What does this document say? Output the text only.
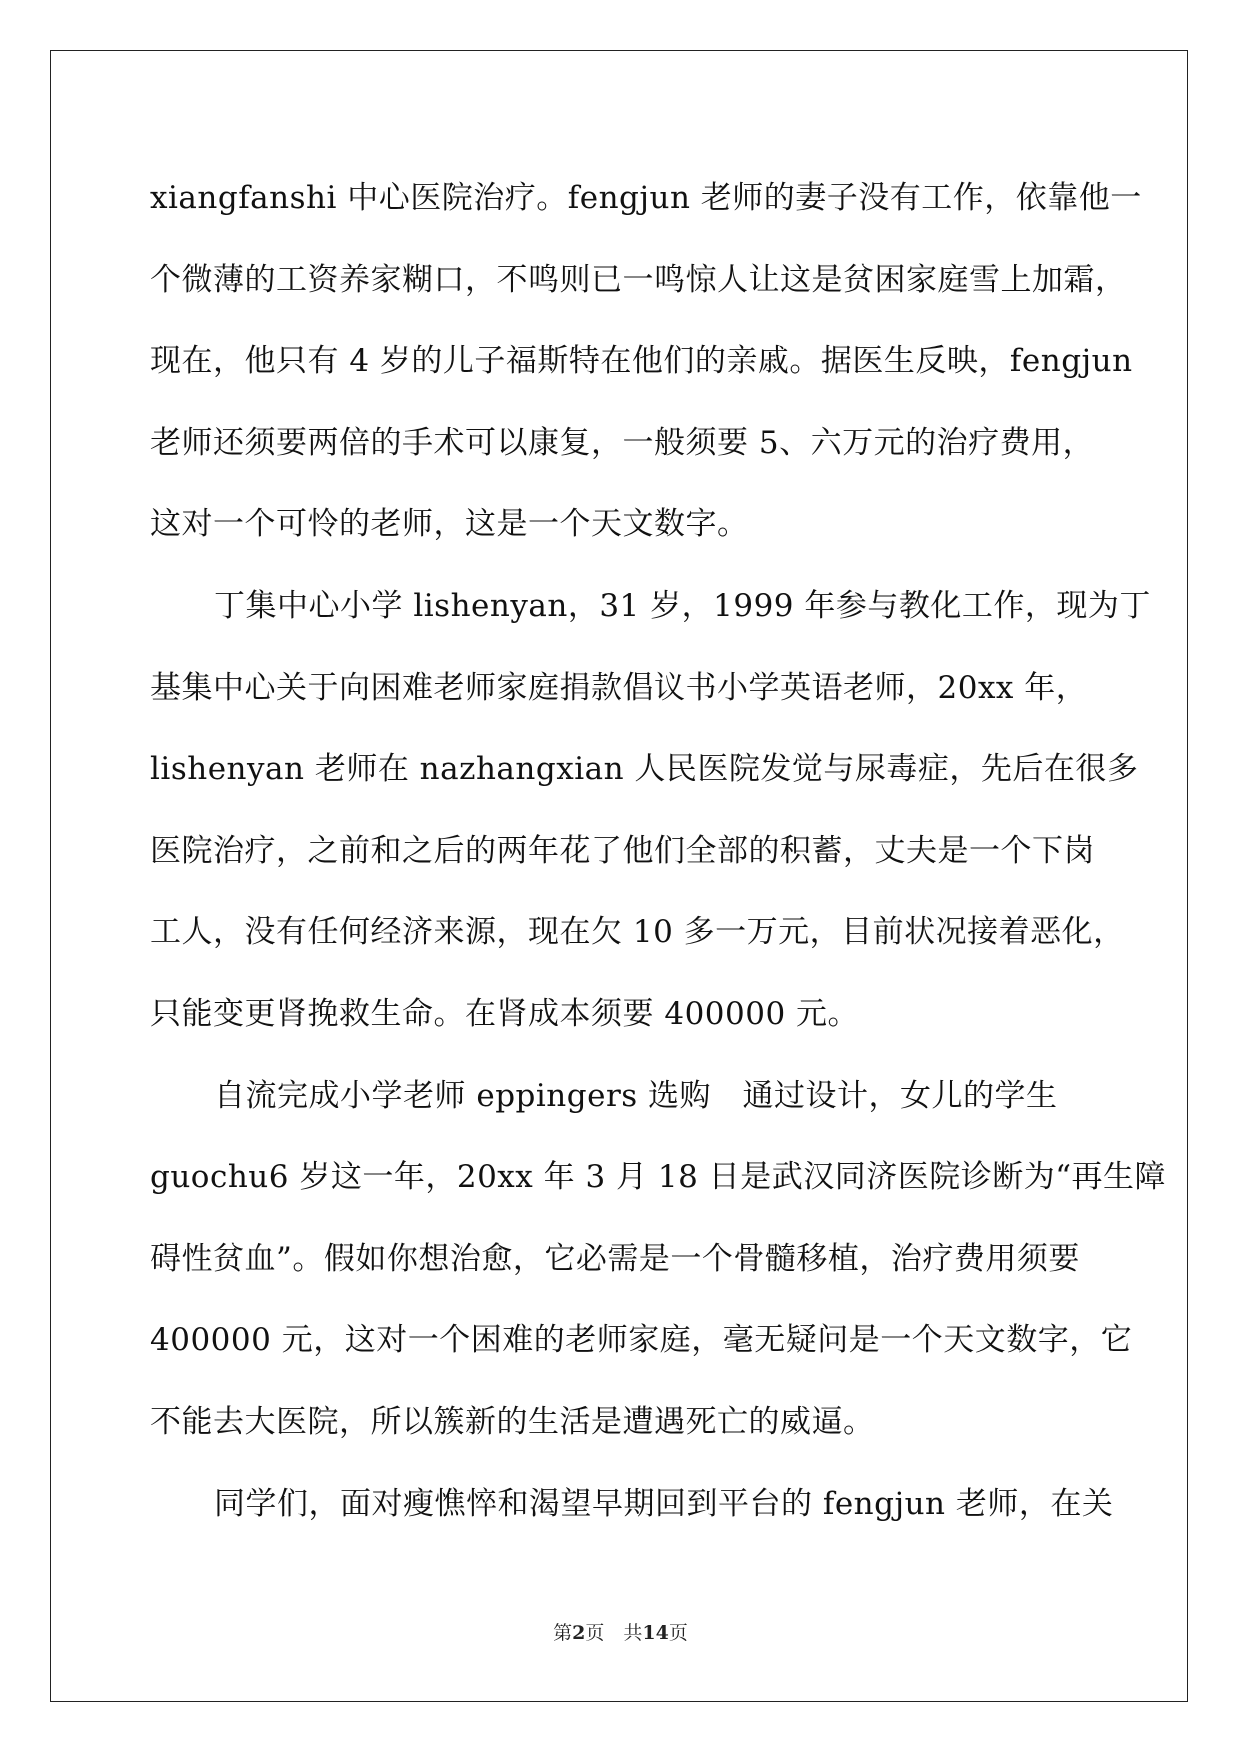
xiangfanshi 中心医院治疗。fengjun 老师的妻子没有工作，依靠他一
个微薄的工资养家糊口，不鸣则已一鸣惊人让这是贫困家庭雪上加霜，
现在，他只有 4 岁的儿子福斯特在他们的亲戚。据医生反映，fengjun
老师还须要两倍的手术可以康复，一般须要 5、六万元的治疗费用，
这对一个可怜的老师，这是一个天文数字。
丁集中心小学 lishenyan，31 岁，1999 年参与教化工作，现为丁
基集中心关于向困难老师家庭捐款倡议书小学英语老师，20xx 年，
lishenyan 老师在 nazhangxian 人民医院发觉与尿毒症，先后在很多
医院治疗，之前和之后的两年花了他们全部的积蓄，丈夫是一个下岗
工人，没有任何经济来源，现在欠 10 多一万元，目前状况接着恶化，
只能变更肾挽救生命。在肾成本须要 400000 元。
自流完成小学老师 eppingers 选购　通过设计，女儿的学生
guochu6 岁这一年，20xx 年 3 月 18 日是武汉同济医院诊断为“再生障
碍性贫血”。假如你想治愈，它必需是一个骨髓移植，治疗费用须要
400000 元，这对一个困难的老师家庭，毫无疑问是一个天文数字，它
不能去大医院，所以簇新的生活是遭遇死亡的威逼。
同学们，面对瘦憔悴和渴望早期回到平台的 fengjun 老师，在关
第2页　共14页
